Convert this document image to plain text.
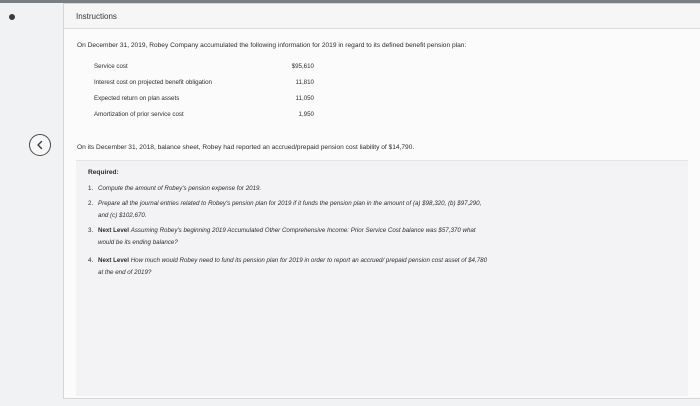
Instructions
On December 31, 2019, Robey Company accumulated the following information for 2019 in regard to its defined benefit pension plan:
Service cost	$95,610
Interest cost on projected benefit obligation	11,810
Expected return on plan assets	11,050
Amortization of prior service cost	1,950
On its December 31, 2018, balance sheet, Robey had reported an accrued/prepaid pension cost liability of $14,790.
Required:
1. Compute the amount of Robey's pension expense for 2019.
2. Prepare all the journal entries related to Robey's pension plan for 2019 if it funds the pension plan in the amount of (a) $98,320, (b) $97,290,
and (c) $102,670.
3. Next Level Assuming Robey's beginning 2019 Accumulated Other Comprehensive Income: Prior Service Cost balance was $57,370 what
would be its ending balance?
4. Next Level How much would Robey need to fund its pension plan for 2019 in order to report an accrued/ prepaid pension cost asset of $4,780
at the end of 2019?
